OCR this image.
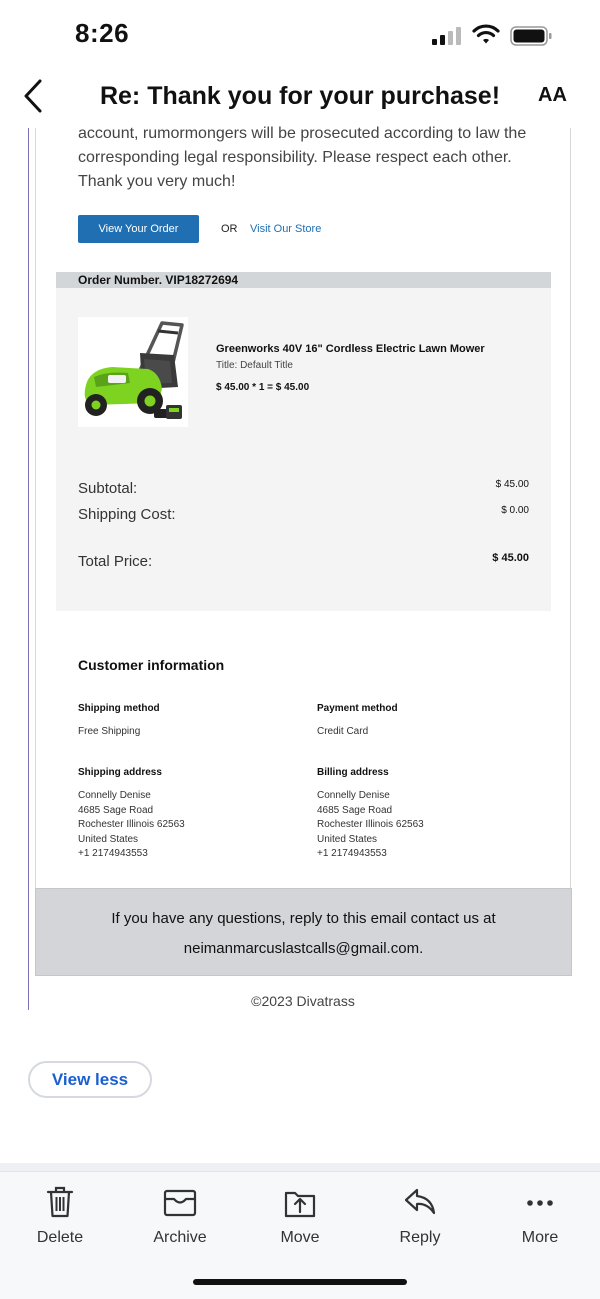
8:26
Re: Thank you for your purchase!	AA
account, rumormongers will be prosecuted according to law the corresponding legal responsibility. Please respect each other. Thank you very much!
View Your Order	OR Visit Our Store
Order Number. VIP18272694
Greenworks 40V 16" Cordless Electric Lawn Mower
Title: Default Title
$ 45.00 * 1 = $ 45.00
Subtotal:	$ 45.00
Shipping Cost:	$ 0.00
Total Price:	$ 45.00
Customer information
Shipping method
Free Shipping
Payment method
Credit Card
Shipping address
Connelly Denise
4685 Sage Road
Rochester Illinois 62563
United States
+1 2174943553
Billing address
Connelly Denise
4685 Sage Road
Rochester Illinois 62563
United States
+1 2174943553
If you have any questions, reply to this email contact us at
neimanmarcuslastcalls@gmail.com.
©2023 Divatrass
View less
Delete	Archive	Move	Reply	More
